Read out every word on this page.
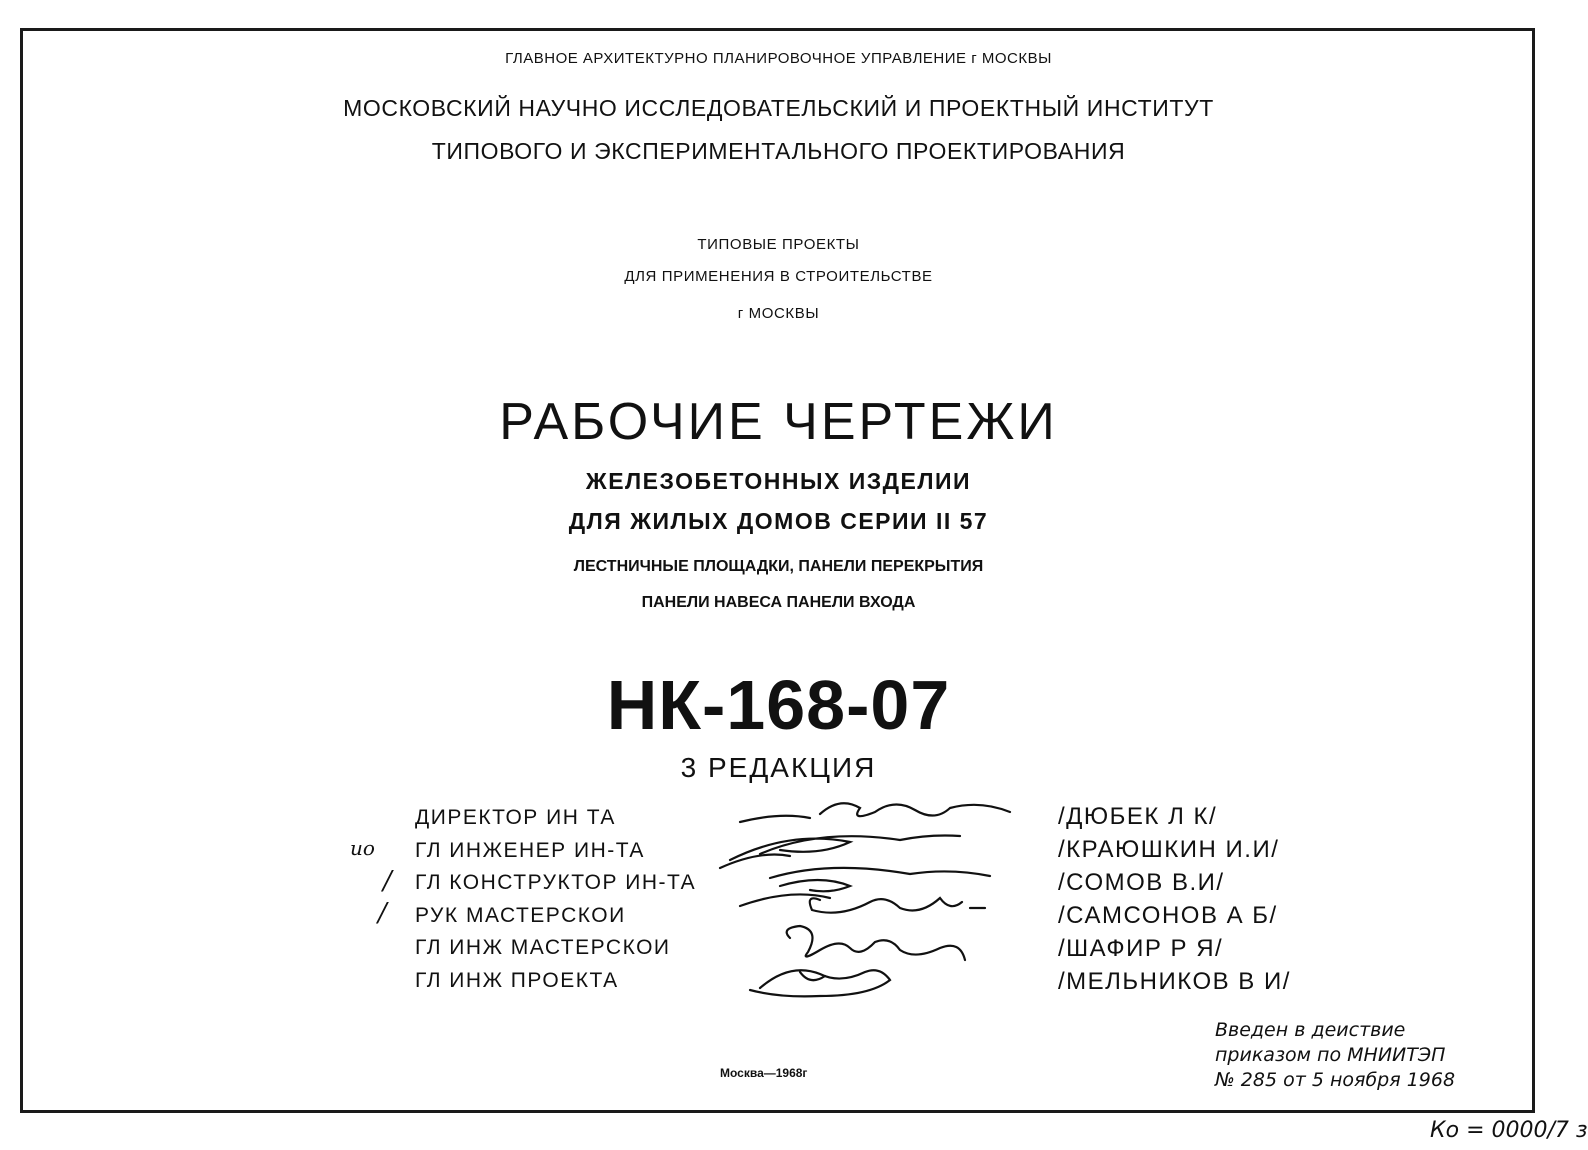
ГЛАВНОЕ АРХИТЕКТУРНО ПЛАНИРОВОЧНОЕ УПРАВЛЕНИЕ г МОСКВЫ
МОСКОВСКИЙ НАУЧНО ИССЛЕДОВАТЕЛЬСКИЙ И ПРОЕКТНЫЙ ИНСТИТУТ
ТИПОВОГО И ЭКСПЕРИМЕНТАЛЬНОГО ПРОЕКТИРОВАНИЯ
ТИПОВЫЕ ПРОЕКТЫ
ДЛЯ ПРИМЕНЕНИЯ В СТРОИТЕЛЬСТВЕ
г МОСКВЫ
РАБОЧИЕ ЧЕРТЕЖИ
ЖЕЛЕЗОБЕТОННЫХ ИЗДЕЛИИ
ДЛЯ ЖИЛЫХ ДОМОВ СЕРИИ II 57
ЛЕСТНИЧНЫЕ ПЛОЩАДКИ, ПАНЕЛИ ПЕРЕКРЫТИЯ
ПАНЕЛИ НАВЕСА ПАНЕЛИ ВХОДА
НК-168-07
3 РЕДАКЦИЯ
ио
/
/
ДИРЕКТОР ИН ТА
ГЛ ИНЖЕНЕР ИН-ТА
ГЛ КОНСТРУКТОР ИН-ТА
РУК МАСТЕРСКОИ
ГЛ ИНЖ МАСТЕРСКОИ
ГЛ ИНЖ ПРОЕКТА
/ДЮБЕК Л К/
/КРАЮШКИН И.И/
/СОМОВ В.И/
/САМСОНОВ А Б/
/ШАФИР Р Я/
/МЕЛЬНИКОВ В И/
Москва—1968г
Введен в деиствие
приказом по МНИИТЭП
№ 285 от 5 ноября 1968
Ко = 0000/7 з
